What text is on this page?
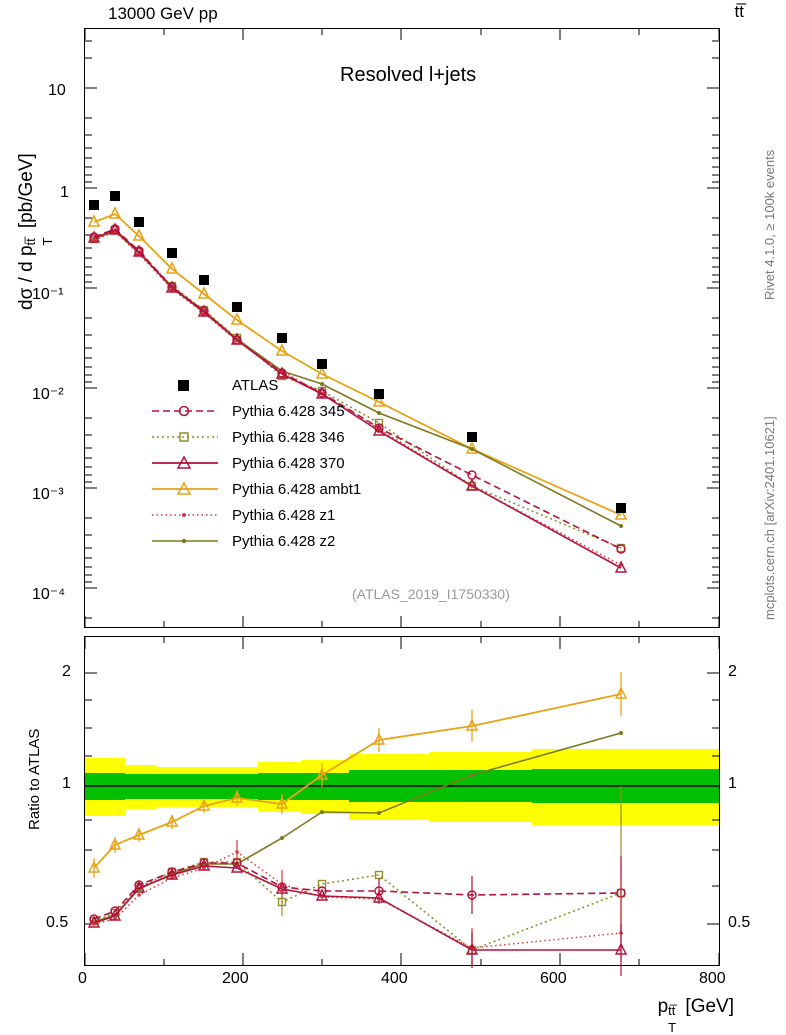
13000 GeV pp	tt̅
Rivet 4.1.0, ≥ 100k events
mcplots.cern.ch [arXiv:2401.10621]
dσ / d p
T
tt̅
[pb/GeV]
Ratio to ATLAS
p
T
tt̅ [GeV]
Resolved l+jets
(ATLAS_2019_I1750330)
10
1
10⁻¹
10⁻²
10⁻³
10⁻⁴
2
1
0.5
2
1
0.5
0	200	400	600	800
ATLAS
Pythia 6.428 345
Pythia 6.428 346
Pythia 6.428 370
Pythia 6.428 ambt1
Pythia 6.428 z1
Pythia 6.428 z2
